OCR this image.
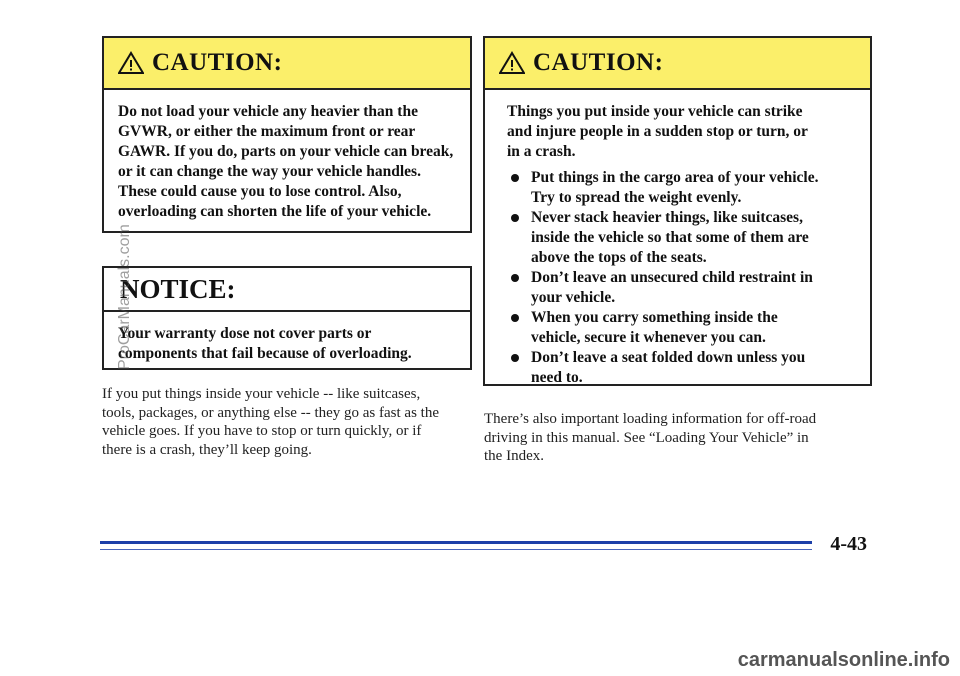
CAUTION:
Do not load your vehicle any heavier than the
GVWR, or either the maximum front or rear
GAWR. If you do, parts on your vehicle can break,
or it can change the way your vehicle handles.
These could cause you to lose control. Also,
overloading can shorten the life of your vehicle.
NOTICE:
Your warranty dose not cover parts or
components that fail because of overloading.
If you put things inside your vehicle -- like suitcases,
tools, packages, or anything else -- they go as fast as the
vehicle goes. If you have to stop or turn quickly, or if
there is a crash, they’ll keep going.
CAUTION:
Things you put inside your vehicle can strike
and injure people in a sudden stop or turn, or
in a crash.
Put things in the cargo area of your vehicle.
Try to spread the weight evenly.
Never stack heavier things, like suitcases,
inside the vehicle so that some of them are
above the tops of the seats.
Don’t leave an unsecured child restraint in
your vehicle.
When you carry something inside the
vehicle, secure it whenever you can.
Don’t leave a seat folded down unless you
need to.
There’s also important loading information for off-road
driving in this manual. See “Loading Your Vehicle” in
the Index.
4-43
ProCarManuals.com
carmanualsonline.info
